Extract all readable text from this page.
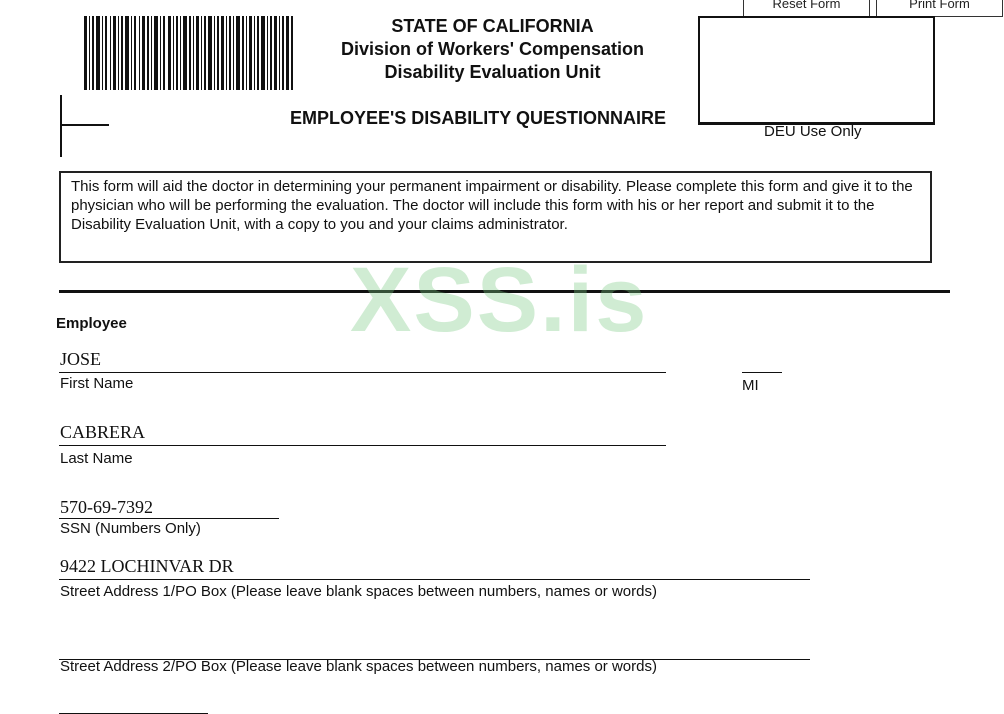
Reset Form	Print Form
STATE OF CALIFORNIA
Division of Workers' Compensation
Disability Evaluation Unit
EMPLOYEE'S DISABILITY QUESTIONNAIRE
DEU Use Only
This form will aid the doctor in determining your permanent impairment or disability. Please complete this form and give it to the physician who will be performing the evaluation. The doctor will include this form with his or her report and submit it to the Disability Evaluation Unit, with a copy to you and your claims administrator.
XSS.is
Employee
JOSE
First Name	MI
CABRERA
Last Name
570-69-7392
SSN (Numbers Only)
9422 LOCHINVAR DR
Street Address 1/PO Box (Please leave blank spaces between numbers, names or words)
Street Address 2/PO Box (Please leave blank spaces between numbers, names or words)
